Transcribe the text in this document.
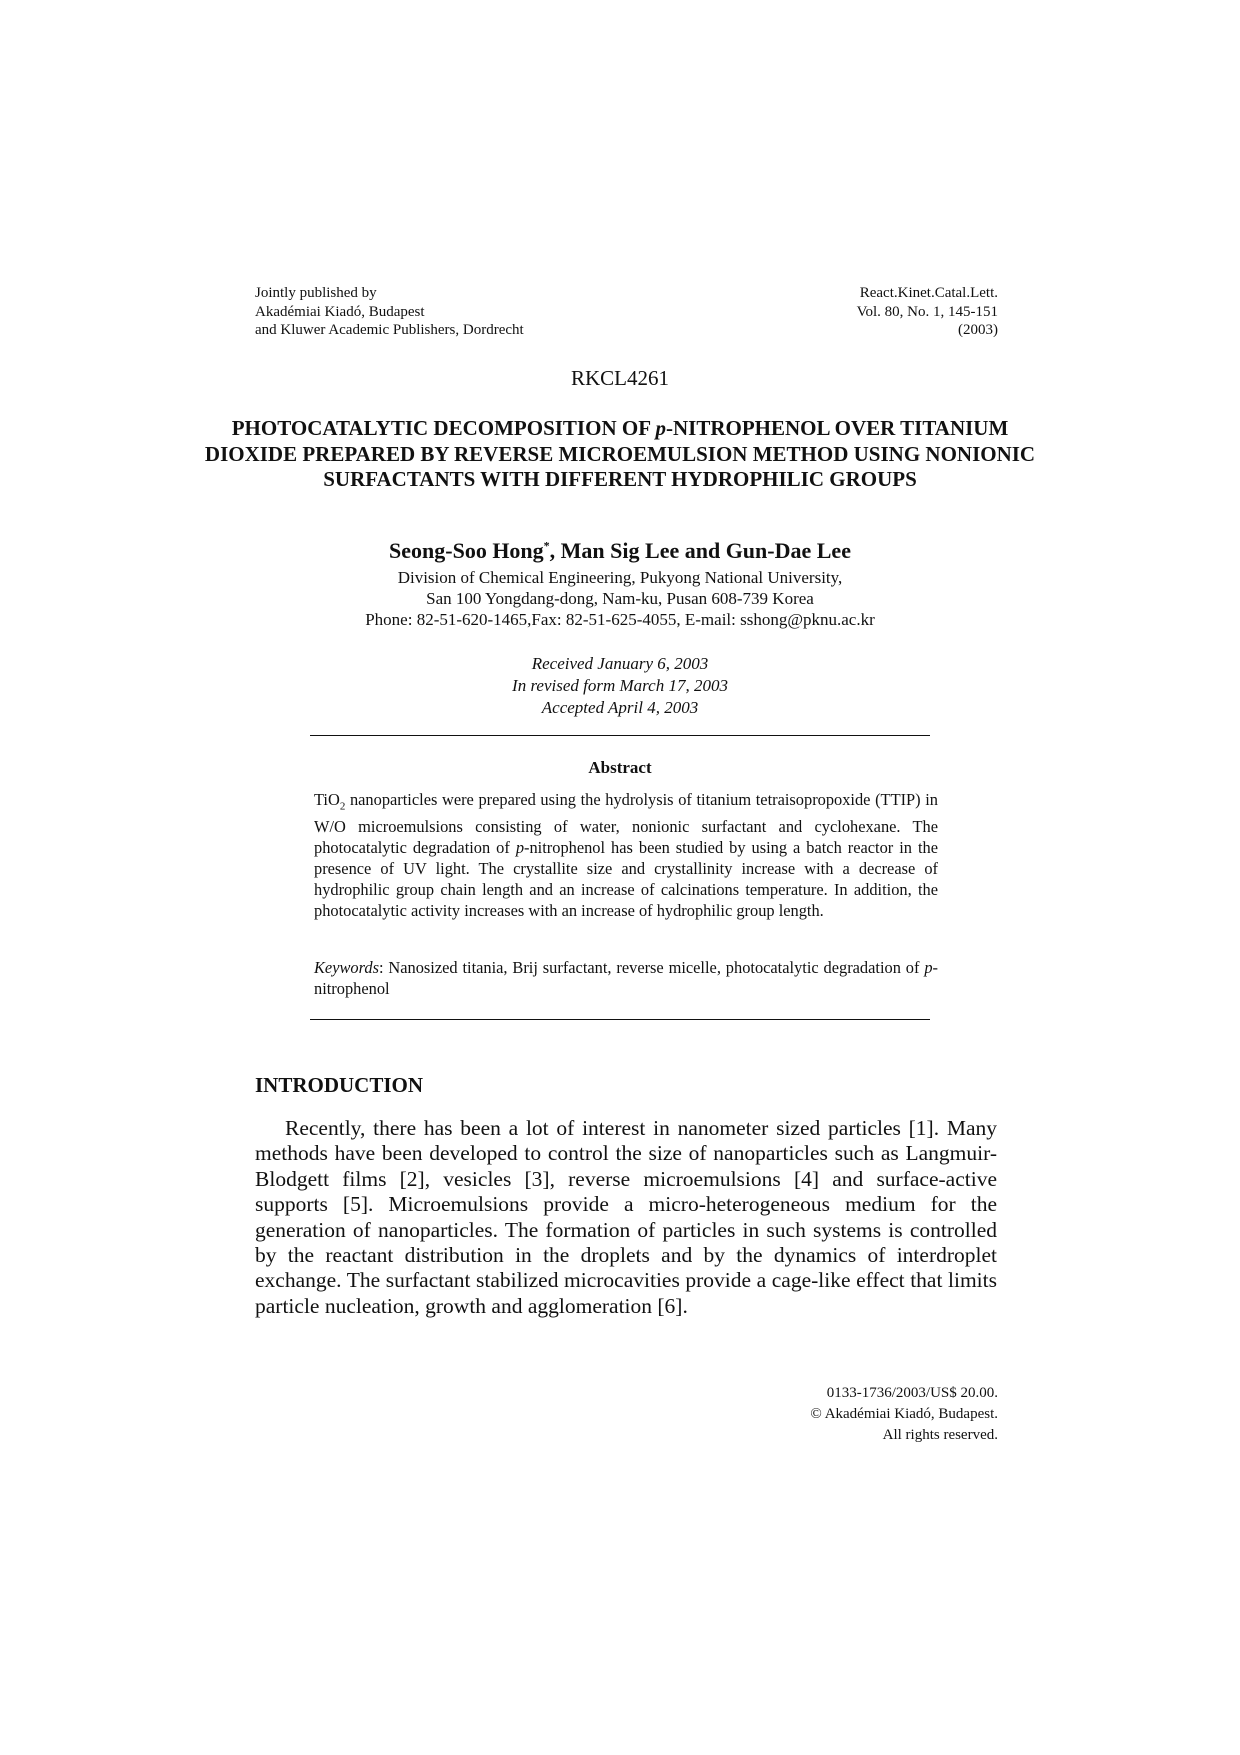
Jointly published by
Akadémiai Kiadó, Budapest
and Kluwer Academic Publishers, Dordrecht
React.Kinet.Catal.Lett.
Vol. 80, No. 1, 145-151
(2003)
RKCL4261
PHOTOCATALYTIC DECOMPOSITION OF p-NITROPHENOL OVER TITANIUM DIOXIDE PREPARED BY REVERSE MICROEMULSION METHOD USING NONIONIC SURFACTANTS WITH DIFFERENT HYDROPHILIC GROUPS
Seong-Soo Hong*, Man Sig Lee and Gun-Dae Lee
Division of Chemical Engineering, Pukyong National University,
San 100 Yongdang-dong, Nam-ku, Pusan 608-739 Korea
Phone: 82-51-620-1465,Fax: 82-51-625-4055, E-mail: sshong@pknu.ac.kr
Received January 6, 2003
In revised form March 17, 2003
Accepted April 4, 2003
Abstract
TiO$_2$ nanoparticles were prepared using the hydrolysis of titanium tetraisopropoxide (TTIP) in W/O microemulsions consisting of water, nonionic surfactant and cyclohexane. The photocatalytic degradation of p-nitrophenol has been studied by using a batch reactor in the presence of UV light. The crystallite size and crystallinity increase with a decrease of hydrophilic group chain length and an increase of calcinations temperature. In addition, the photocatalytic activity increases with an increase of hydrophilic group length.
Keywords: Nanosized titania, Brij surfactant, reverse micelle, photocatalytic degradation of p-nitrophenol
INTRODUCTION
Recently, there has been a lot of interest in nanometer sized particles [1]. Many methods have been developed to control the size of nanoparticles such as Langmuir-Blodgett films [2], vesicles [3], reverse microemulsions [4] and surface-active supports [5]. Microemulsions provide a micro-heterogeneous medium for the generation of nanoparticles. The formation of particles in such systems is controlled by the reactant distribution in the droplets and by the dynamics of interdroplet exchange. The surfactant stabilized microcavities provide a cage-like effect that limits particle nucleation, growth and agglomeration [6].
0133-1736/2003/US$ 20.00.
© Akadémiai Kiadó, Budapest.
All rights reserved.
